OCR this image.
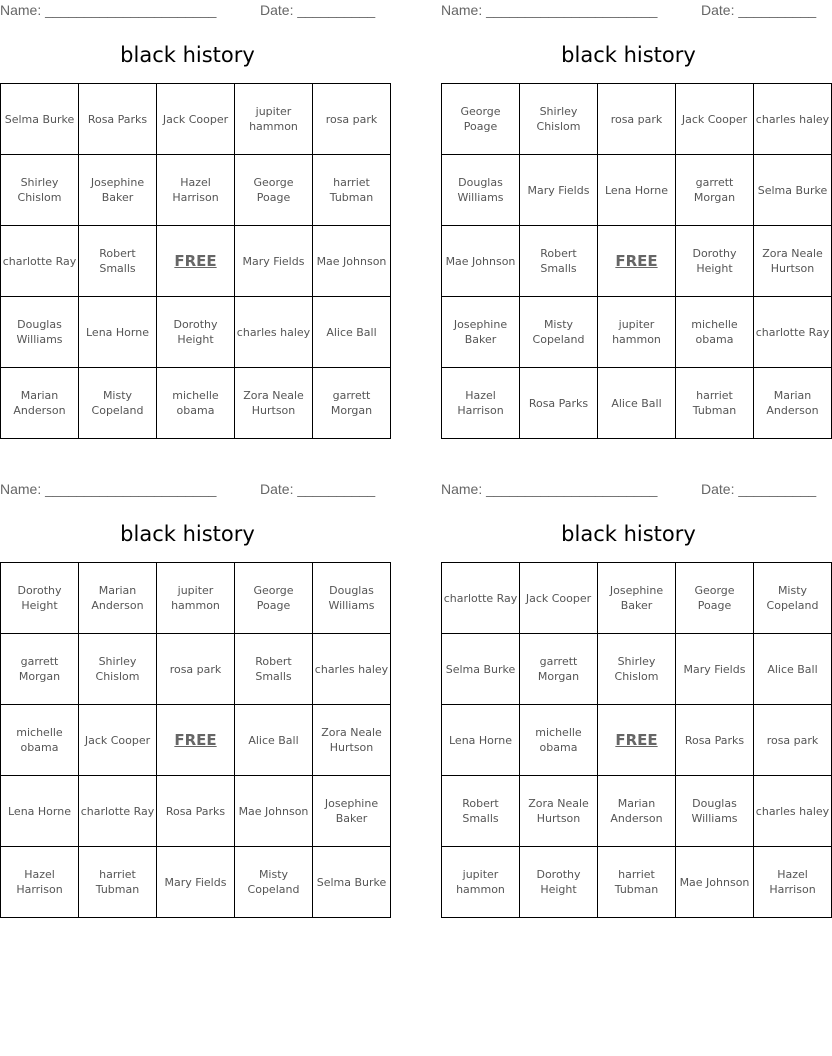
Name: ______________________	Date: __________
black history
Selma Burke	Rosa Parks	Jack Cooper	jupiter hammon	rosa park
Shirley Chislom	Josephine Baker	Hazel Harrison	George Poage	harriet Tubman
charlotte Ray	Robert Smalls	FREE	Mary Fields	Mae Johnson
Douglas Williams	Lena Horne	Dorothy Height	charles haley	Alice Ball
Marian Anderson	Misty Copeland	michelle obama	Zora Neale Hurtson	garrett Morgan
Name: ______________________	Date: __________
black history
George Poage	Shirley Chislom	rosa park	Jack Cooper	charles haley
Douglas Williams	Mary Fields	Lena Horne	garrett Morgan	Selma Burke
Mae Johnson	Robert Smalls	FREE	Dorothy Height	Zora Neale Hurtson
Josephine Baker	Misty Copeland	jupiter hammon	michelle obama	charlotte Ray
Hazel Harrison	Rosa Parks	Alice Ball	harriet Tubman	Marian Anderson
Name: ______________________	Date: __________
black history
Dorothy Height	Marian Anderson	jupiter hammon	George Poage	Douglas Williams
garrett Morgan	Shirley Chislom	rosa park	Robert Smalls	charles haley
michelle obama	Jack Cooper	FREE	Alice Ball	Zora Neale Hurtson
Lena Horne	charlotte Ray	Rosa Parks	Mae Johnson	Josephine Baker
Hazel Harrison	harriet Tubman	Mary Fields	Misty Copeland	Selma Burke
Name: ______________________	Date: __________
black history
charlotte Ray	Jack Cooper	Josephine Baker	George Poage	Misty Copeland
Selma Burke	garrett Morgan	Shirley Chislom	Mary Fields	Alice Ball
Lena Horne	michelle obama	FREE	Rosa Parks	rosa park
Robert Smalls	Zora Neale Hurtson	Marian Anderson	Douglas Williams	charles haley
jupiter hammon	Dorothy Height	harriet Tubman	Mae Johnson	Hazel Harrison
